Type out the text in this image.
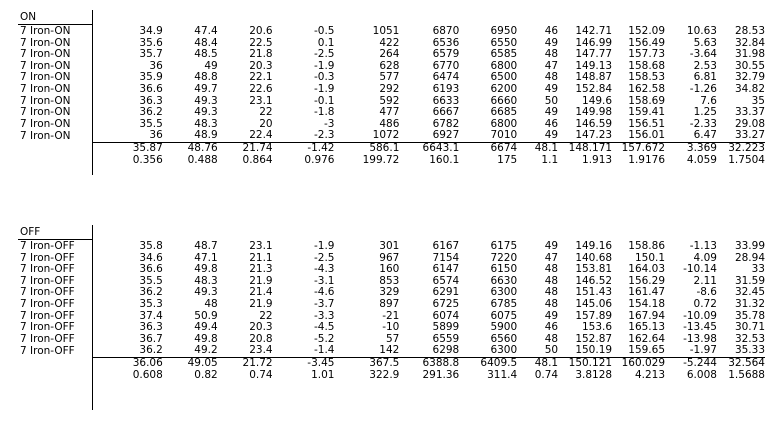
ON
7 Iron-ON	34.9	47.4	20.6	-0.5	1051	6870	6950	46	142.71	152.09	10.63	28.53
7 Iron-ON	35.6	48.4	22.5	0.1	422	6536	6550	49	146.99	156.49	5.63	32.84
7 Iron-ON	35.7	48.5	21.8	-2.5	264	6579	6585	48	147.77	157.73	-3.64	31.98
7 Iron-ON	36	49	20.3	-1.9	628	6770	6800	47	149.13	158.68	2.53	30.55
7 Iron-ON	35.9	48.8	22.1	-0.3	577	6474	6500	48	148.87	158.53	6.81	32.79
7 Iron-ON	36.6	49.7	22.6	-1.9	292	6193	6200	49	152.84	162.58	-1.26	34.82
7 Iron-ON	36.3	49.3	23.1	-0.1	592	6633	6660	50	149.6	158.69	7.6	35
7 Iron-ON	36.2	49.3	22	-1.8	477	6667	6685	49	149.98	159.41	1.25	33.37
7 Iron-ON	35.5	48.3	20	-3	486	6782	6800	46	146.59	156.51	-2.33	29.08
7 Iron-ON	36	48.9	22.4	-2.3	1072	6927	7010	49	147.23	156.01	6.47	33.27
	35.87	48.76	21.74	-1.42	586.1	6643.1	6674	48.1	148.171	157.672	3.369	32.223
	0.356	0.488	0.864	0.976	199.72	160.1	175	1.1	1.913	1.9176	4.059	1.7504
OFF
7 Iron-OFF	35.8	48.7	23.1	-1.9	301	6167	6175	49	149.16	158.86	-1.13	33.99
7 Iron-OFF	34.6	47.1	21.1	-2.5	967	7154	7220	47	140.68	150.1	4.09	28.94
7 Iron-OFF	36.6	49.8	21.3	-4.3	160	6147	6150	48	153.81	164.03	-10.14	33
7 Iron-OFF	35.5	48.3	21.9	-3.1	853	6574	6630	48	146.52	156.29	2.11	31.59
7 Iron-OFF	36.2	49.3	21.4	-4.6	329	6291	6300	48	151.43	161.47	-8.6	32.45
7 Iron-OFF	35.3	48	21.9	-3.7	897	6725	6785	48	145.06	154.18	0.72	31.32
7 Iron-OFF	37.4	50.9	22	-3.3	-21	6074	6075	49	157.89	167.94	-10.09	35.78
7 Iron-OFF	36.3	49.4	20.3	-4.5	-10	5899	5900	46	153.6	165.13	-13.45	30.71
7 Iron-OFF	36.7	49.8	20.8	-5.2	57	6559	6560	48	152.87	162.64	-13.98	32.53
7 Iron-OFF	36.2	49.2	23.4	-1.4	142	6298	6300	50	150.19	159.65	-1.97	35.33
	36.06	49.05	21.72	-3.45	367.5	6388.8	6409.5	48.1	150.121	160.029	-5.244	32.564
	0.608	0.82	0.74	1.01	322.9	291.36	311.4	0.74	3.8128	4.213	6.008	1.5688
